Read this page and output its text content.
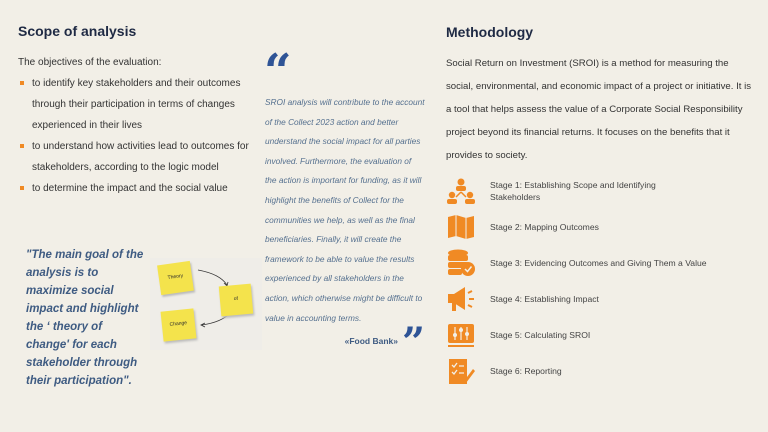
Scope of analysis
The objectives of the evaluation:
to identify key stakeholders and their outcomes through their participation in terms of changes experienced in their lives
to understand how activities lead to outcomes for stakeholders, according to the logic model
to determine the impact and the social value
“
SROI analysis will contribute to the account of the Collect 2023 action and better understand the social impact for all parties involved. Furthermore, the evaluation of the action is important for funding, as it will highlight the benefits of Collect for the communities we help, as well as the final beneficiaries. Finally, it will create the framework to be able to value the results experienced by all stakeholders in the action, which otherwise might be difficult to value in accounting terms.
«Food Bank» ”
"The main goal of the analysis is to maximize social impact and highlight the ‘ theory of change' for each stakeholder through their participation".
Theory
of
Change
Methodology
Social Return on Investment (SROI) is a method for measuring the social, environmental, and economic impact of a project or initiative. It is a tool that helps assess the value of a Corporate Social Responsibility project beyond its financial returns. It focuses on the benefits that it provides to society.
Stage 1: Establishing Scope and Identifying Stakeholders
Stage 2: Mapping Outcomes
Stage 3: Evidencing Outcomes and Giving Them a Value
Stage 4: Establishing Impact
Stage 5: Calculating SROI
Stage 6: Reporting
